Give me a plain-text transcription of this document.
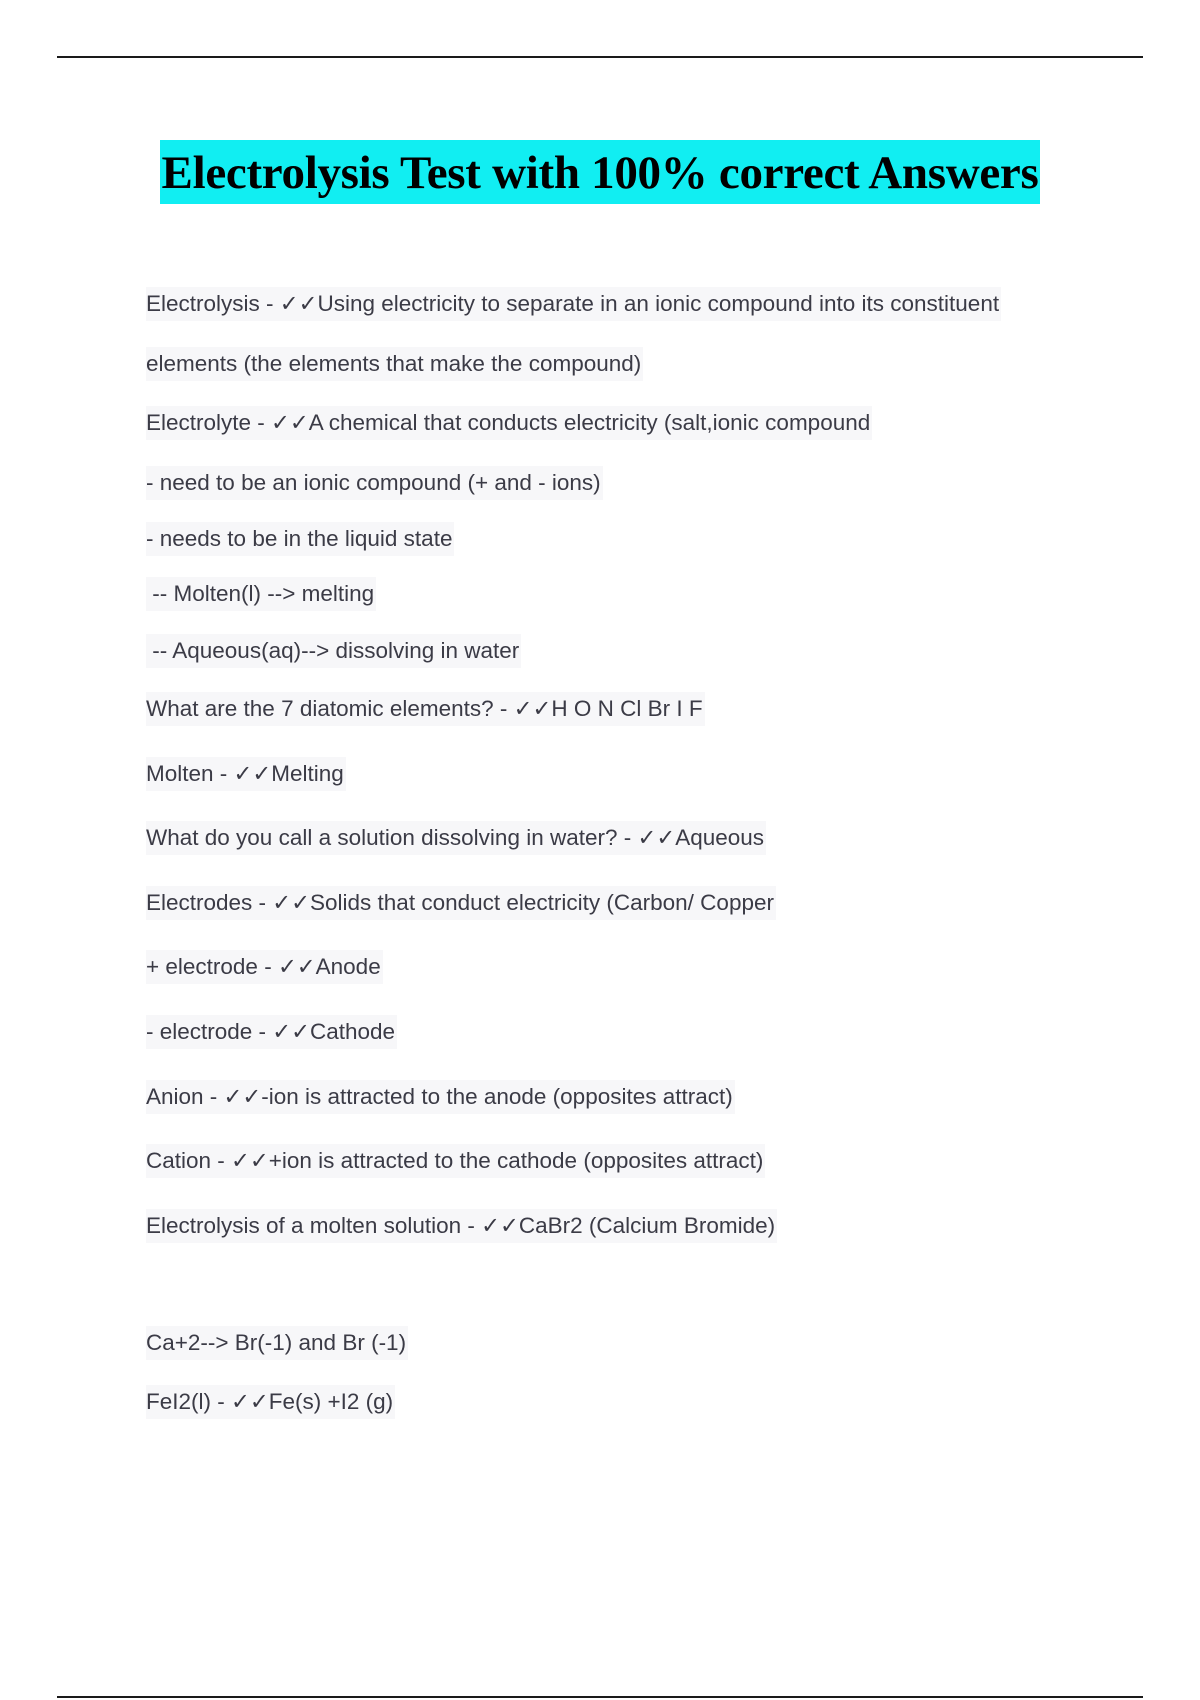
Electrolysis Test with 100% correct Answers
Electrolysis - ✓✓Using electricity to separate in an ionic compound into its constituent
elements (the elements that make the compound)
Electrolyte - ✓✓A chemical that conducts electricity (salt,ionic compound
- need to be an ionic compound (+ and - ions)
- needs to be in the liquid state
-- Molten(l) --> melting
-- Aqueous(aq)--> dissolving in water
What are the 7 diatomic elements? - ✓✓H O N Cl Br I F
Molten - ✓✓Melting
What do you call a solution dissolving in water? - ✓✓Aqueous
Electrodes - ✓✓Solids that conduct electricity (Carbon/ Copper
+ electrode - ✓✓Anode
- electrode - ✓✓Cathode
Anion - ✓✓-ion is attracted to the anode (opposites attract)
Cation - ✓✓+ion is attracted to the cathode (opposites attract)
Electrolysis of a molten solution - ✓✓CaBr2 (Calcium Bromide)
Ca+2--> Br(-1) and Br (-1)
FeI2(l) - ✓✓Fe(s) +I2 (g)
